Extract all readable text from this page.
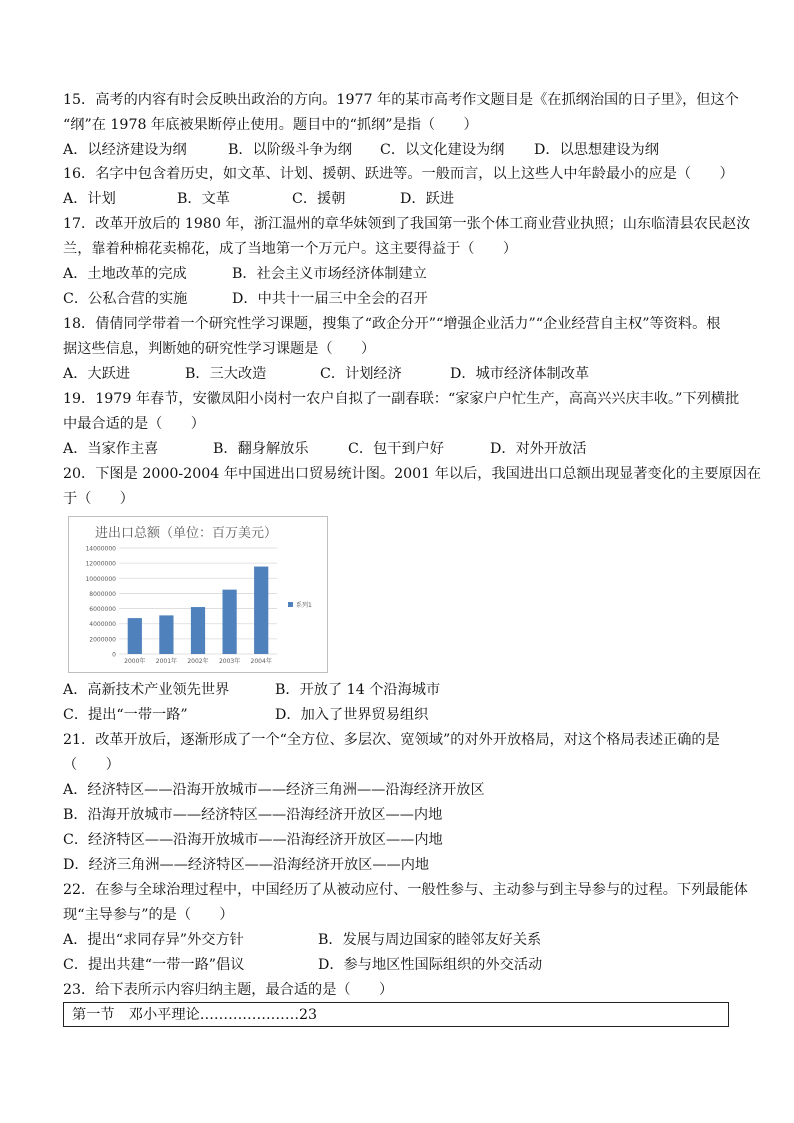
15．高考的内容有时会反映出政治的方向。1977 年的某市高考作文题目是《在抓纲治国的日子里》，但这个
“纲”在 1978 年底被果断停止使用。题目中的“抓纲”是指（　　）
A．以经济建设为纲	B．以阶级斗争为纲 C．以文化建设为纲 D．以思想建设为纲
16．名字中包含着历史，如文革、计划、援朝、跃进等。一般而言，以上这些人中年龄最小的应是（　　）
A．计划	B．文革	C．援朝	D．跃进
17．改革开放后的 1980 年，浙江温州的章华妹领到了我国第一张个体工商业营业执照；山东临清县农民赵汝
兰，靠着种棉花卖棉花，成了当地第一个万元户。这主要得益于（　　）
A．土地改革的完成	B．社会主义市场经济体制建立
C．公私合营的实施	D．中共十一届三中全会的召开
18．倩倩同学带着一个研究性学习课题，搜集了“政企分开”“增强企业活力”“企业经营自主权”等资料。根
据这些信息，判断她的研究性学习课题是（　　）
A．大跃进	B．三大改造	C．计划经济	D．城市经济体制改革
19．1979 年春节，安徽凤阳小岗村一农户自拟了一副春联：“家家户户忙生产，高高兴兴庆丰收。”下列横批
中最合适的是（　　）
A．当家作主喜	B．翻身解放乐	C．包干到户好	D．对外开放活
20．下图是 2000-2004 年中国进出口贸易统计图。2001 年以后，我国进出口总额出现显著变化的主要原因在
于（　　）
进出口总额（单位：百万美元）
0
2000000
4000000
6000000
8000000
10000000
12000000
14000000
2000年 2001年 2002年 2003年 2004年
系列1
A．高新技术产业领先世界	B．开放了 14 个沿海城市
C．提出“一带一路”	D．加入了世界贸易组织
21．改革开放后，逐渐形成了一个“全方位、多层次、宽领域”的对外开放格局，对这个格局表述正确的是
（　　）
A．经济特区——沿海开放城市——经济三角洲——沿海经济开放区
B．沿海开放城市——经济特区——沿海经济开放区——内地
C．经济特区——沿海开放城市——沿海经济开放区——内地
D．经济三角洲——经济特区——沿海经济开放区——内地
22．在参与全球治理过程中，中国经历了从被动应付、一般性参与、主动参与到主导参与的过程。下列最能体
现“主导参与”的是（　　）
A．提出“求同存异”外交方针	B．发展与周边国家的睦邻友好关系
C．提出共建“一带一路”倡议	D．参与地区性国际组织的外交活动
23．给下表所示内容归纳主题，最合适的是（　　）
第一节　邓小平理论…………………23
